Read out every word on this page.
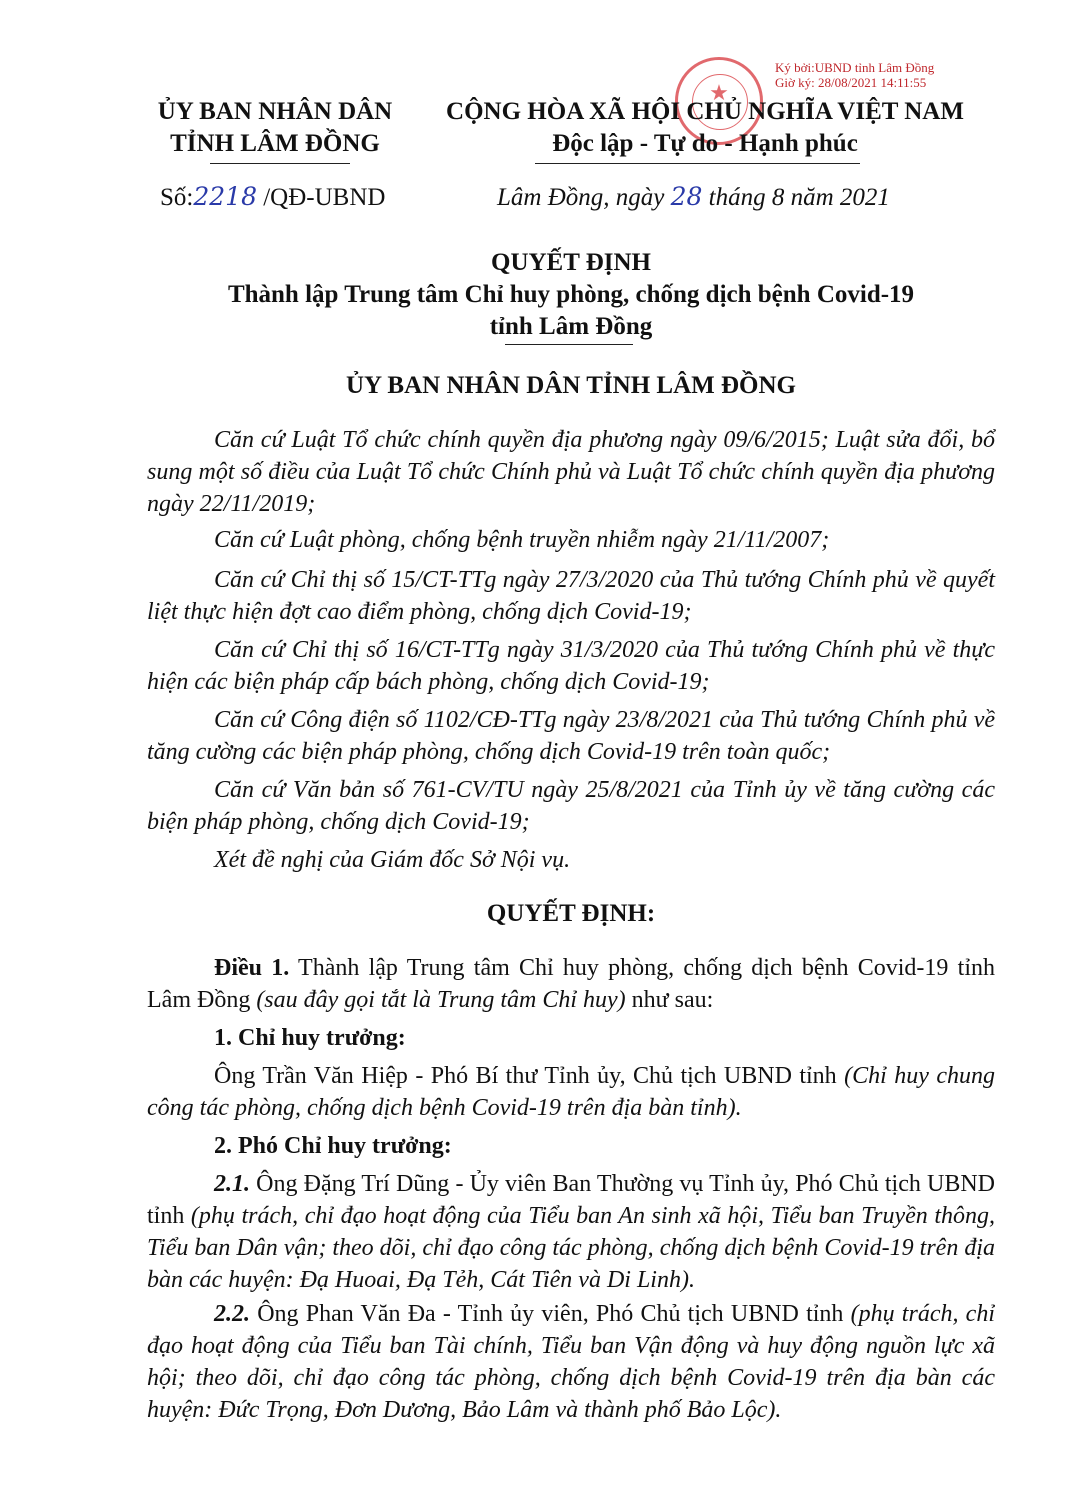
★
Ký bởi:UBND tỉnh Lâm Đồng
Giờ ký: 28/08/2021 14:11:55
ỦY BAN NHÂN DÂN
TỈNH LÂM ĐỒNG
CỘNG HÒA XÃ HỘI CHỦ NGHĨA VIỆT NAM
Độc lập - Tự do - Hạnh phúc
Số:2218 /QĐ-UBND	Lâm Đồng, ngày 28 tháng 8 năm 2021
QUYẾT ĐỊNH
Thành lập Trung tâm Chỉ huy phòng, chống dịch bệnh Covid-19
tỉnh Lâm Đồng
ỦY BAN NHÂN DÂN TỈNH LÂM ĐỒNG
Căn cứ Luật Tổ chức chính quyền địa phương ngày 09/6/2015; Luật sửa đổi, bổ sung một số điều của Luật Tổ chức Chính phủ và Luật Tổ chức chính quyền địa phương ngày 22/11/2019;
Căn cứ Luật phòng, chống bệnh truyền nhiễm ngày 21/11/2007;
Căn cứ Chỉ thị số 15/CT-TTg ngày 27/3/2020 của Thủ tướng Chính phủ về quyết liệt thực hiện đợt cao điểm phòng, chống dịch Covid-19;
Căn cứ Chỉ thị số 16/CT-TTg ngày 31/3/2020 của Thủ tướng Chính phủ về thực hiện các biện pháp cấp bách phòng, chống dịch Covid-19;
Căn cứ Công điện số 1102/CĐ-TTg ngày 23/8/2021 của Thủ tướng Chính phủ về tăng cường các biện pháp phòng, chống dịch Covid-19 trên toàn quốc;
Căn cứ Văn bản số 761-CV/TU ngày 25/8/2021 của Tỉnh ủy về tăng cường các biện pháp phòng, chống dịch Covid-19;
Xét đề nghị của Giám đốc Sở Nội vụ.
QUYẾT ĐỊNH:
Điều 1. Thành lập Trung tâm Chỉ huy phòng, chống dịch bệnh Covid-19 tỉnh Lâm Đồng (sau đây gọi tắt là Trung tâm Chỉ huy) như sau:
1. Chỉ huy trưởng:
Ông Trần Văn Hiệp - Phó Bí thư Tỉnh ủy, Chủ tịch UBND tỉnh (Chỉ huy chung công tác phòng, chống dịch bệnh Covid-19 trên địa bàn tỉnh).
2. Phó Chỉ huy trưởng:
2.1. Ông Đặng Trí Dũng - Ủy viên Ban Thường vụ Tỉnh ủy, Phó Chủ tịch UBND tỉnh (phụ trách, chỉ đạo hoạt động của Tiểu ban An sinh xã hội, Tiểu ban Truyền thông, Tiểu ban Dân vận; theo dõi, chỉ đạo công tác phòng, chống dịch bệnh Covid-19 trên địa bàn các huyện: Đạ Huoai, Đạ Tẻh, Cát Tiên và Di Linh).
2.2. Ông Phan Văn Đa - Tỉnh ủy viên, Phó Chủ tịch UBND tỉnh (phụ trách, chỉ đạo hoạt động của Tiểu ban Tài chính, Tiểu ban Vận động và huy động nguồn lực xã hội; theo dõi, chỉ đạo công tác phòng, chống dịch bệnh Covid-19 trên địa bàn các huyện: Đức Trọng, Đơn Dương, Bảo Lâm và thành phố Bảo Lộc).
